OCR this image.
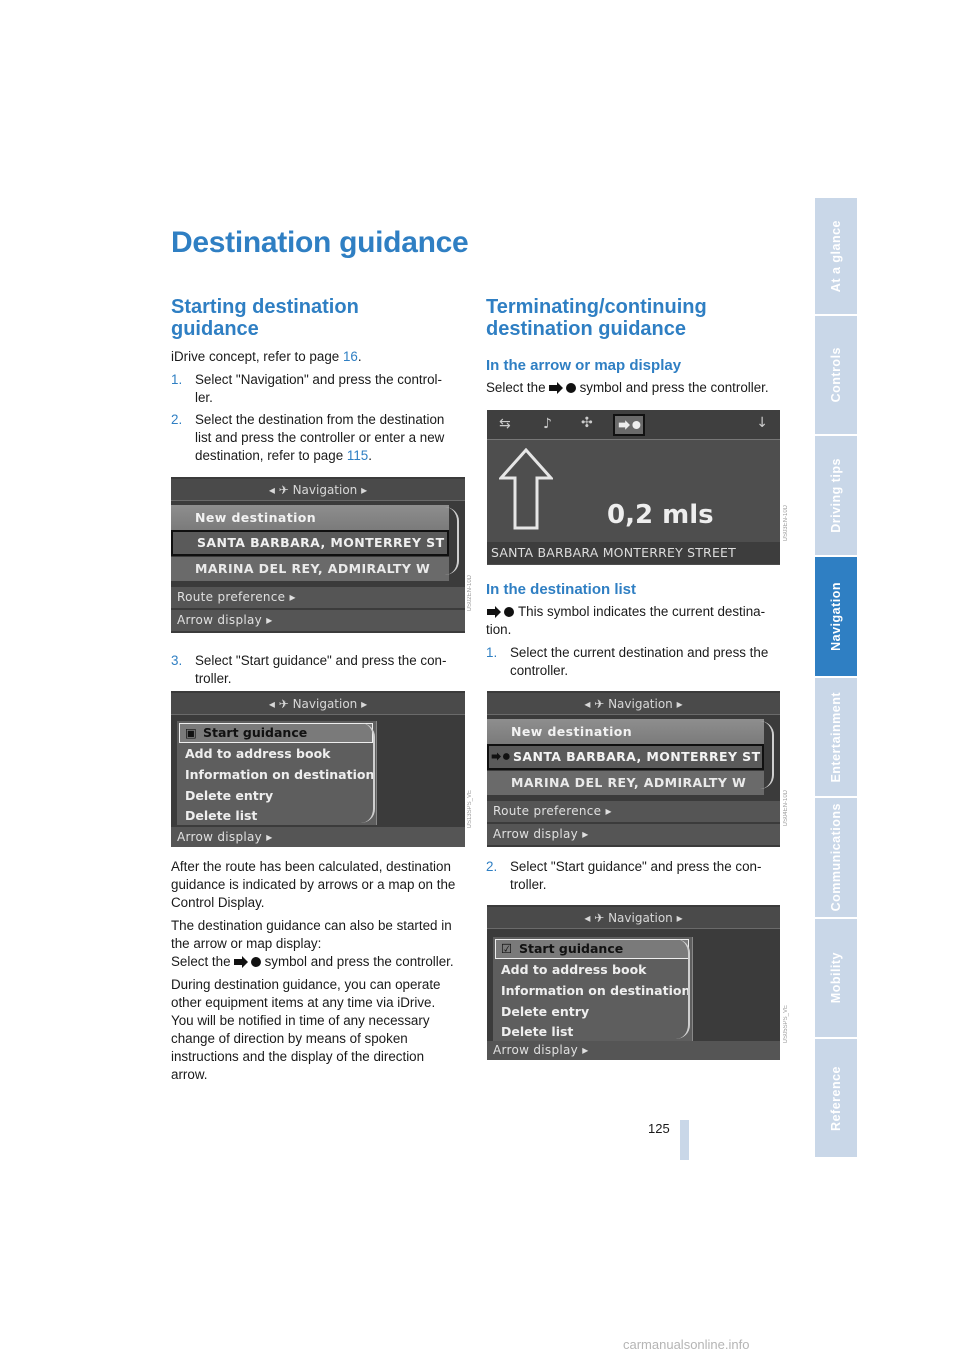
Destination guidance
Starting destination
guidance
iDrive concept, refer to page 16.
1. Select "Navigation" and press the control-
ler.
2. Select the destination from the destination
list and press the controller or enter a new
destination, refer to page 115.
◂ ✈ Navigation ▸
New destination
SANTA BARBARA, MONTERREY ST
MARINA DEL REY, ADMIRALTY W
Route preference ▸
Arrow display ▸
US02EN-10D
3. Select "Start guidance" and press the con-
troller.
◂ ✈ Navigation ▸
▣ Start guidance
Add to address book
Information on destination
Delete entry
Delete list
Arrow display ▸
US13SPS_VE
After the route has been calculated, destination
guidance is indicated by arrows or a map on the
Control Display.
The destination guidance can also be started in
the arrow or map display:
Select the	symbol and press the controller.
During destination guidance, you can operate
other equipment items at any time via iDrive.
You will be notified in time of any necessary
change of direction by means of spoken
instructions and the display of the direction
arrow.
Terminating/continuing
destination guidance
In the arrow or map display
Select the	symbol and press the controller.
⇆ ♪ ✣	↓
0,2 mls
SANTA BARBARA MONTERREY STREET
US03EN-10D
In the destination list
This symbol indicates the current destina-
tion.
1. Select the current destination and press the
controller.
◂ ✈ Navigation ▸
New destination
SANTA BARBARA, MONTERREY ST
MARINA DEL REY, ADMIRALTY W
Route preference ▸
Arrow display ▸
US04EN-10D
2. Select "Start guidance" and press the con-
troller.
◂ ✈ Navigation ▸
☑ Start guidance
Add to address book
Information on destination
Delete entry
Delete list
Arrow display ▸
US05SPS_VE
At a glance
Controls
Driving tips
Navigation
Entertainment
Communications
Mobility
Reference
125
carmanualsonline.info
